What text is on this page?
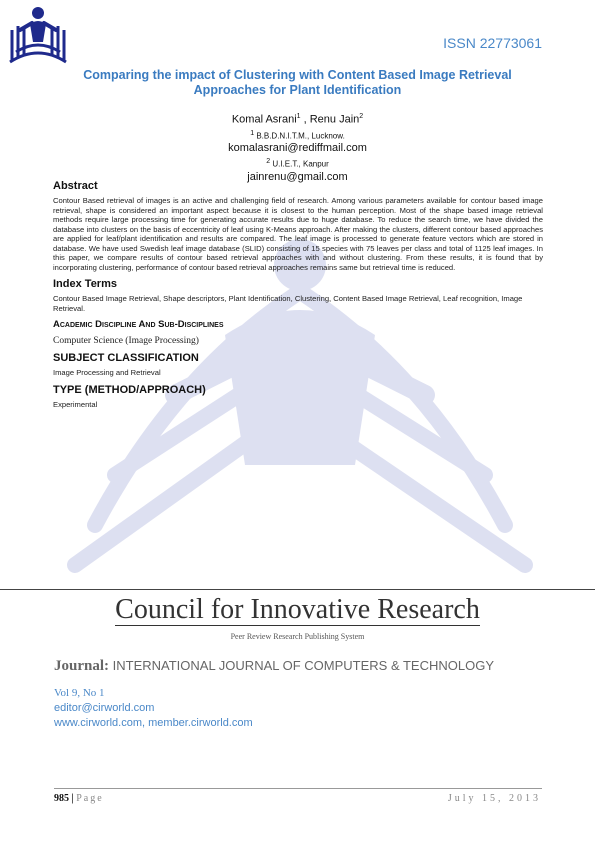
ISSN 22773061
Comparing the impact of Clustering with Content Based Image Retrieval
Approaches for Plant Identification
Komal Asrani$^1$ , Renu Jain$^2$
$^1$ B.B.D.N.I.T.M., Lucknow.
komalasrani@rediffmail.com
$^2$ U.I.E.T., Kanpur
jainrenu@gmail.com
Abstract

Contour Based retrieval of images is an active and challenging field of research. Among various parameters available for contour based image retrieval, shape is considered an important aspect because it is closest to the human perception. Most of the shape based image retrieval methods require large processing time for generating accurate results due to huge database. To reduce the search time, we have divided the database into clusters on the basis of eccentricity of leaf using K-Means approach. After making the clusters, different contour based approaches are applied for leaf/plant identification and results are compared. The leaf image is processed to generate feature vectors which are stored in database. We have used Swedish leaf image database (SLID) consisting of 15 species with 75 leaves per class and total of 1125 leaf images. In this paper, we compare results of contour based retrieval approaches with and without clustering. From these results, it is found that by incorporating clustering, performance of contour based retrieval approaches remains same but retrieval time is reduced.

Index Terms

Contour Based Image Retrieval, Shape descriptors, Plant Identification, Clustering, Content Based Image Retrieval, Leaf recognition, Image Retrieval.

Academic Discipline And Sub-Disciplines

Computer Science (Image Processing)

SUBJECT CLASSIFICATION

Image Processing and Retrieval

TYPE (METHOD/APPROACH)

Experimental

Council for Innovative Research
Peer Review Research Publishing System
Journal: INTERNATIONAL JOURNAL OF COMPUTERS & TECHNOLOGY
Vol 9, No 1
editor@cirworld.com
www.cirworld.com, member.cirworld.com
985 | Page	July 15, 2013
